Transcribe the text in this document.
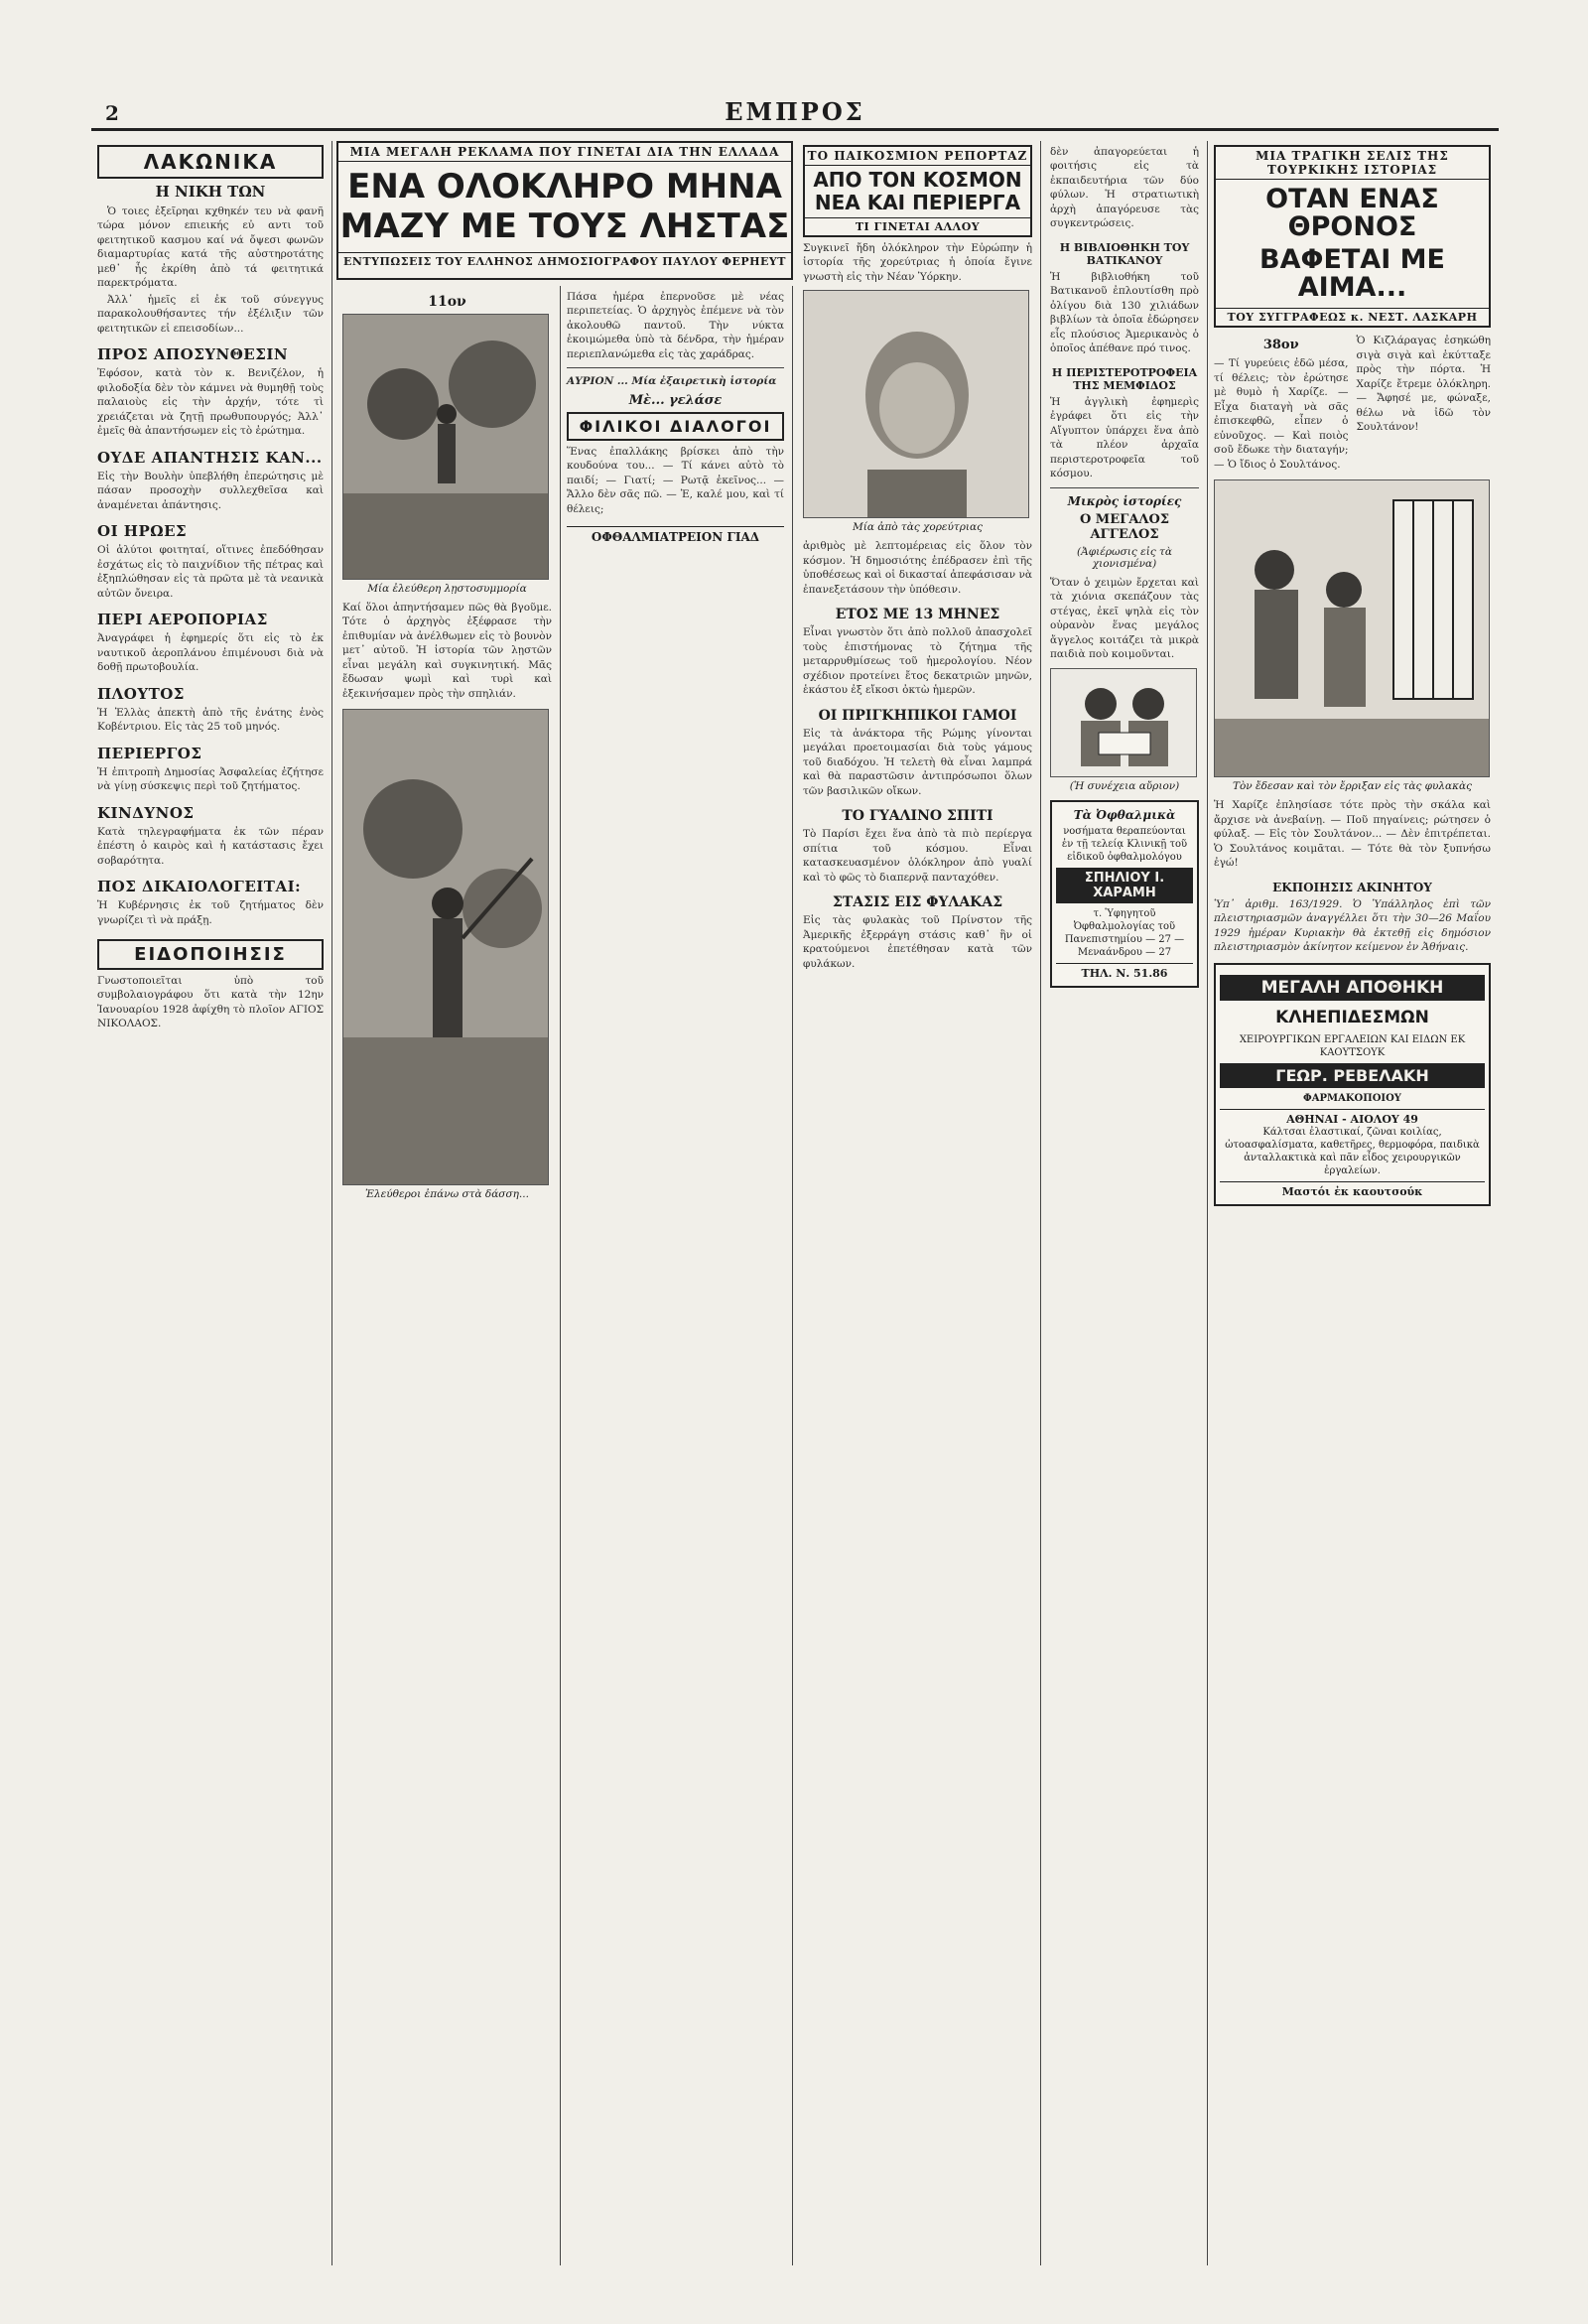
2	ΕΜΠΡΟΣ
ΛΑΚΩΝΙΚΑ
Η ΝΙΚΗ ΤΩΝ

Ὁ τοιες ἐξεῖρηαι κχθηκέν τευ νὰ φανῆ τώρα μόνον επιεικής εὐ αντι τοῦ φειτητικοῦ κασμου καί νά ὄψεσι φωνῶν διαμαρτυρίας κατά τῆς αὐστηροτάτης μεθ᾿ ἧς ἐκρίθη ἀπὸ τά φειτητικά παρεκτρόματα.

Ἀλλ᾿ ἡμεῖς εἰ ἐκ τοῦ σύνεγγυς παρακολουθήσαντες τήν ἐξέλιξιν τῶν φειτητικῶν εἰ επεισοδίων...

ΠΡΟΣ ΑΠΟΣΥΝΘΕΣΙΝ
Ἐφόσον, κατὰ τὸν κ. Βενιζέλον, ἡ φιλοδοξία δὲν τὸν κάμνει νὰ θυμηθῇ τοὺς παλαιοὺς εἰς τὴν ἀρχήν, τότε τὶ χρειάζεται νὰ ζητῇ πρωθυπουργός; Ἀλλ᾿ ἐμεῖς θὰ ἀπαντήσωμεν εἰς τὸ ἐρώτημα.
ΟΥΔΕ ΑΠΑΝΤΗΣΙΣ ΚΑΝ...
Εἰς τὴν Βουλὴν ὑπεβλήθη ἐπερώτησις μὲ πάσαν προσοχὴν συλλεχθεῖσα καὶ ἀναμένεται ἀπάντησις.
ΟΙ ΗΡΩΕΣ
Οἱ ἀλύτοι φοιτηταί, οἵτινες ἐπεδόθησαν ἐσχάτως εἰς τὸ παιχνίδιον τῆς πέτρας καὶ ἐξηπλώθησαν εἰς τὰ πρῶτα μὲ τὰ νεανικὰ αὐτῶν ὄνειρα.
ΠΕΡΙ ΑΕΡΟΠΟΡΙΑΣ
Ἀναγράφει ἡ ἐφημερίς ὅτι εἰς τὸ ἐκ ναυτικοῦ ἀεροπλάνου ἐπιμένουσι διὰ νὰ δοθῇ πρωτοβουλία.
ΠΛΟΥΤΟΣ
Ἡ Ἑλλὰς ἀπεκτὴ ἀπὸ τῆς ἐνάτης ἑνὸς Κοβέντριου. Εἰς τὰς 25 τοῦ μηνός.
ΠΕΡΙΕΡΓΟΣ
Ἡ ἐπιτροπὴ Δημοσίας Ἀσφαλείας ἐζήτησε νὰ γίνῃ σύσκεψις περὶ τοῦ ζητήματος.
ΚΙΝΔΥΝΟΣ
Κατὰ τηλεγραφήματα ἐκ τῶν πέραν ἐπέστη ὁ καιρὸς καὶ ἡ κατάστασις ἔχει σοβαρότητα.
ΠΟΣ ΔΙΚΑΙΟΛΟΓΕΙΤΑΙ:
Ἡ Κυβέρνησις ἐκ τοῦ ζητήματος δὲν γνωρίζει τὶ νὰ πράξῃ.
ΕΙΔΟΠΟΙΗΣΙΣ
Γνωστοποιεῖται ὑπὸ τοῦ συμβολαιογράφου ὅτι κατὰ τὴν 12ην Ἰανουαρίου 1928 ἀφίχθη τὸ πλοῖον ΑΓΙΟΣ ΝΙΚΟΛΑΟΣ.
ΜΙΑ ΜΕΓΑΛΗ ΡΕΚΛΑΜΑ ΠΟΥ ΓΙΝΕΤΑΙ ΔΙΑ ΤΗΝ ΕΛΛΑΔΑ
ΕΝΑ ΟΛΟΚΛΗΡΟ ΜΗΝΑ
ΜΑΖΥ ΜΕ ΤΟΥΣ ΛΗΣΤΑΣ
ΕΝΤΥΠΩΣΕΙΣ ΤΟΥ ΕΛΛΗΝΟΣ ΔΗΜΟΣΙΟΓΡΑΦΟΥ ΠΑΥΛΟΥ ΦΕΡΗΕΥΤ
11ον
Μία ἐλεύθερη λῃστοσυμμορία
Καί ὅλοι ἀπηντήσαμεν πῶς θὰ βγοῦμε. Τότε ὁ ἀρχηγὸς ἐξέφρασε τὴν ἐπιθυμίαν νὰ ἀνέλθωμεν εἰς τὸ βουνὸν μετ᾿ αὐτοῦ. Ἡ ἱστορία τῶν λῃστῶν εἶναι μεγάλη καὶ συγκινητική. Μᾶς ἔδωσαν ψωμὶ καὶ τυρὶ καὶ ἐξεκινήσαμεν πρὸς τὴν σπηλιάν.
Ἐλεύθεροι ἐπάνω στὰ δάσση...
Πάσα ἡμέρα ἐπερνοῦσε μὲ νέας περιπετείας. Ὁ ἀρχηγὸς ἐπέμενε νὰ τὸν ἀκολουθῶ παντοῦ. Τὴν νύκτα ἐκοιμώμεθα ὑπὸ τὰ δένδρα, τὴν ἡμέραν περιεπλανώμεθα εἰς τὰς χαράδρας.
ΑΥΡΙΟΝ ... Μία ἐξαιρετικὴ ἱστορία
Μὲ... γελάσε
ΦΙΛΙΚΟΙ ΔΙΑΛΟΓΟΙ
Ἕνας ἐπαλλάκης βρίσκει ἀπὸ τὴν κουδούνα του... — Τί κάνει αὐτὸ τὸ παιδί; — Γιατί; — Ρωτᾷ ἐκεῖνος... — Ἄλλο δὲν σᾶς πῶ. — Ἐ, καλέ μου, καὶ τί θέλεις;
ΟΦΘΑΛΜΙΑΤΡΕΙΟΝ ΓΙΑΔ
ΤΟ ΠΑΙΚΟΣΜΙΟΝ ΡΕΠΟΡΤΑΖ
ΑΠΟ ΤΟΝ ΚΟΣΜΟΝ
ΝΕΑ ΚΑΙ ΠΕΡΙΕΡΓΑ
ΤΙ ΓΙΝΕΤΑΙ ΑΛΛΟΥ
Συγκινεῖ ἤδη ὁλόκληρον τὴν Εὐρώπην ἡ ἱστορία τῆς χορεύτριας ἡ ὁποία ἔγινε γνωστὴ εἰς τὴν Νέαν Ὑόρκην.
Μία ἀπὸ τὰς χορεύτριας
ἀριθμὸς μὲ λεπτομέρειας εἰς ὅλον τὸν κόσμον. Ἡ δημοσιότης ἐπέδρασεν ἐπὶ τῆς ὑποθέσεως καὶ οἱ δικασταί ἀπεφάσισαν νὰ ἐπανεξετάσουν τὴν ὑπόθεσιν.
ΕΤΟΣ ΜΕ 13 ΜΗΝΕΣ
Εἶναι γνωστὸν ὅτι ἀπὸ πολλοῦ ἀπασχολεῖ τοὺς ἐπιστήμονας τὸ ζήτημα τῆς μεταρρυθμίσεως τοῦ ἡμερολογίου. Νέον σχέδιον προτείνει ἔτος δεκατριῶν μηνῶν, ἑκάστου ἐξ εἴκοσι ὀκτὼ ἡμερῶν.
ΟΙ ΠΡΙΓΚΗΠΙΚΟΙ ΓΑΜΟΙ
Εἰς τὰ ἀνάκτορα τῆς Ρώμης γίνονται μεγάλαι προετοιμασίαι διὰ τοὺς γάμους τοῦ διαδόχου. Ἡ τελετὴ θὰ εἶναι λαμπρά καὶ θὰ παραστῶσιν ἀντιπρόσωποι ὅλων τῶν βασιλικῶν οἴκων.
ΤΟ ΓΥΑΛΙΝΟ ΣΠΙΤΙ
Τὸ Παρίσι ἔχει ἕνα ἀπὸ τὰ πιὸ περίεργα σπίτια τοῦ κόσμου. Εἶναι κατασκευασμένον ὁλόκληρον ἀπὸ γυαλί καὶ τὸ φῶς τὸ διαπερνᾷ πανταχόθεν.
ΣΤΑΣΙΣ ΕΙΣ ΦΥΛΑΚΑΣ
Εἰς τὰς φυλακὰς τοῦ Πρίνστον τῆς Ἀμερικῆς ἐξερράγη στάσις καθ᾿ ἣν οἱ κρατούμενοι ἐπετέθησαν κατὰ τῶν φυλάκων.
δὲν ἀπαγορεύεται ἡ φοιτήσις εἰς τὰ ἐκπαιδευτήρια τῶν δύο φύλων. Ἡ στρατιωτικὴ ἀρχὴ ἀπαγόρευσε τὰς συγκεντρώσεις.
Η ΒΙΒΛΙΟΘΗΚΗ ΤΟΥ ΒΑΤΙΚΑΝΟΥ
Ἡ βιβλιοθήκη τοῦ Βατικανοῦ ἐπλουτίσθη πρὸ ὀλίγου διὰ 130 χιλιάδων βιβλίων τὰ ὁποῖα ἐδώρησεν εἷς πλούσιος Ἀμερικανὸς ὁ ὁποῖος ἀπέθανε πρό τινος.
Η ΠΕΡΙΣΤΕΡΟΤΡΟΦΕΙΑ ΤΗΣ ΜΕΜΦΙΔΟΣ
Ἡ ἀγγλικὴ ἐφημερὶς ἐγράφει ὅτι εἰς τὴν Αἴγυπτον ὑπάρχει ἕνα ἀπὸ τὰ πλέον ἀρχαῖα περιστεροτροφεῖα τοῦ κόσμου.
Μικρὸς ἱστορίες
Ο ΜΕΓΑΛΟΣ ΑΓΓΕΛΟΣ
(Ἀφιέρωσις εἰς τὰ χιονισμένα)
Ὅταν ὁ χειμὼν ἔρχεται καὶ τὰ χιόνια σκεπάζουν τὰς στέγας, ἐκεῖ ψηλὰ εἰς τὸν οὐρανὸν ἕνας μεγάλος ἄγγελος κοιτάζει τὰ μικρὰ παιδιὰ ποὺ κοιμοῦνται.
(Ἡ συνέχεια αὔριον)
Τὰ Ὀφθαλμικὰ
νοσήματα θεραπεύονται ἐν τῇ τελείᾳ Κλινικῇ τοῦ εἰδικοῦ ὀφθαλμολόγου
ΣΠΗΛΙΟΥ Ι. ΧΑΡΑΜΗ
τ. Ὑφηγητοῦ Ὀφθαλμολογίας τοῦ Πανεπιστημίου — 27 — Μεναάνδρου — 27
ΤΗΛ. Ν. 51.86
ΜΙΑ ΤΡΑΓΙΚΗ ΣΕΛΙΣ ΤΗΣ ΤΟΥΡΚΙΚΗΣ ΙΣΤΟΡΙΑΣ
ΟΤΑΝ ΕΝΑΣ ΘΡΟΝΟΣ
ΒΑΦΕΤΑΙ ΜΕ ΑΙΜΑ...
ΤΟΥ ΣΥΓΓΡΑΦΕΩΣ κ. ΝΕΣΤ. ΛΑΣΚΑΡΗ
38ον
— Τί γυρεύεις ἐδῶ μέσα, τί θέλεις; τὸν ἐρώτησε μὲ θυμὸ ἡ Χαρίζε. — Εἶχα διαταγὴ νὰ σᾶς ἐπισκεφθῶ, εἶπεν ὁ εὐνοῦχος. — Καὶ ποιὸς σοῦ ἔδωκε τὴν διαταγήν; — Ὁ ἴδιος ὁ Σουλτάνος.
Ὁ Κιζλάραγας ἐσηκώθη σιγὰ σιγὰ καὶ ἐκύτταξε πρὸς τὴν πόρτα. Ἡ Χαρίζε ἔτρεμε ὁλόκληρη. — Ἄφησέ με, φώναξε, θέλω νὰ ἰδῶ τὸν Σουλτάνον!
Τὸν ἔδεσαν καὶ τὸν ἔρριξαν εἰς τὰς φυλακὰς
Ἡ Χαρίζε ἐπλησίασε τότε πρὸς τὴν σκάλα καὶ ἄρχισε νὰ ἀνεβαίνῃ. — Ποῦ πηγαίνεις; ρώτησεν ὁ φύλαξ. — Εἰς τὸν Σουλτάνον... — Δὲν ἐπιτρέπεται. Ὁ Σουλτάνος κοιμᾶται. — Τότε θὰ τὸν ξυπνήσω ἐγώ!
ΕΚΠΟΙΗΣΙΣ ΑΚΙΝΗΤΟΥ
Ὑπ᾿ ἀριθμ. 163/1929. Ὁ Ὑπάλληλος ἐπὶ τῶν πλειστηριασμῶν ἀναγγέλλει ὅτι τὴν 30—26 Μαΐου 1929 ἡμέραν Κυριακὴν θὰ ἐκτεθῇ εἰς δημόσιον πλειστηριασμὸν ἀκίνητον κείμενον ἐν Ἀθήναις.
ΜΕΓΑΛΗ ΑΠΟΘΗΚΗ
ΚΛΗΕΠΙΔΕΣΜΩΝ
ΧΕΙΡΟΥΡΓΙΚΩΝ ΕΡΓΑΛΕΙΩΝ ΚΑΙ ΕΙΔΩΝ ΕΚ ΚΑΟΥΤΣΟΥΚ
ΓΕΩΡ. ΡΕΒΕΛΑΚΗ
ΦΑΡΜΑΚΟΠΟΙΟΥ
ΑΘΗΝΑΙ - ΑΙΟΛΟΥ 49
Κάλτσαι ἐλαστικαί, ζῶναι κοιλίας, ὠτοασφαλίσματα, καθετῆρες, θερμοφόρα, παιδικὰ ἀνταλλακτικὰ καὶ πᾶν εἶδος χειρουργικῶν ἐργαλείων.
Μαστόι ἐκ καουτσούκ
